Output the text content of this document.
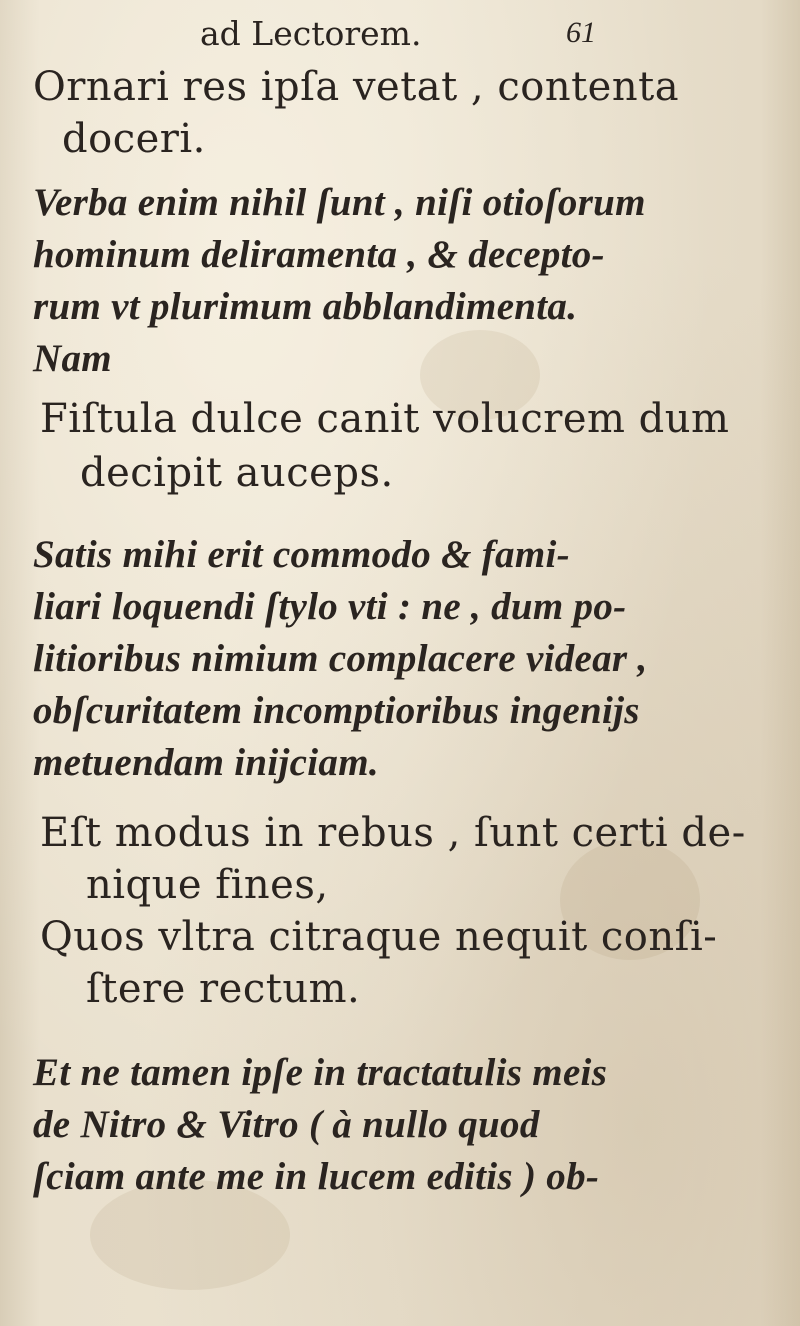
ad Lectorem.	61
Ornari res ipſa vetat , contenta
doceri.
Verba enim nihil ſunt , niſi otioſorum
hominum deliramenta , & decepto-
rum vt plurimum abblandimenta.
Nam
Fiſtula dulce canit volucrem dum
decipit auceps.
Satis mihi erit commodo & fami-
liari loquendi ſtylo vti : ne , dum po-
litioribus nimium complacere videar ,
obſcuritatem incomptioribus ingenijs
metuendam inijciam.
Eſt modus in rebus , ſunt certi de-
nique fines,
Quos vltra citraque nequit conſi-
ſtere rectum.
Et ne tamen ipſe in tractatulis meis
de Nitro & Vitro ( à nullo quod
ſciam ante me in lucem editis ) ob-
